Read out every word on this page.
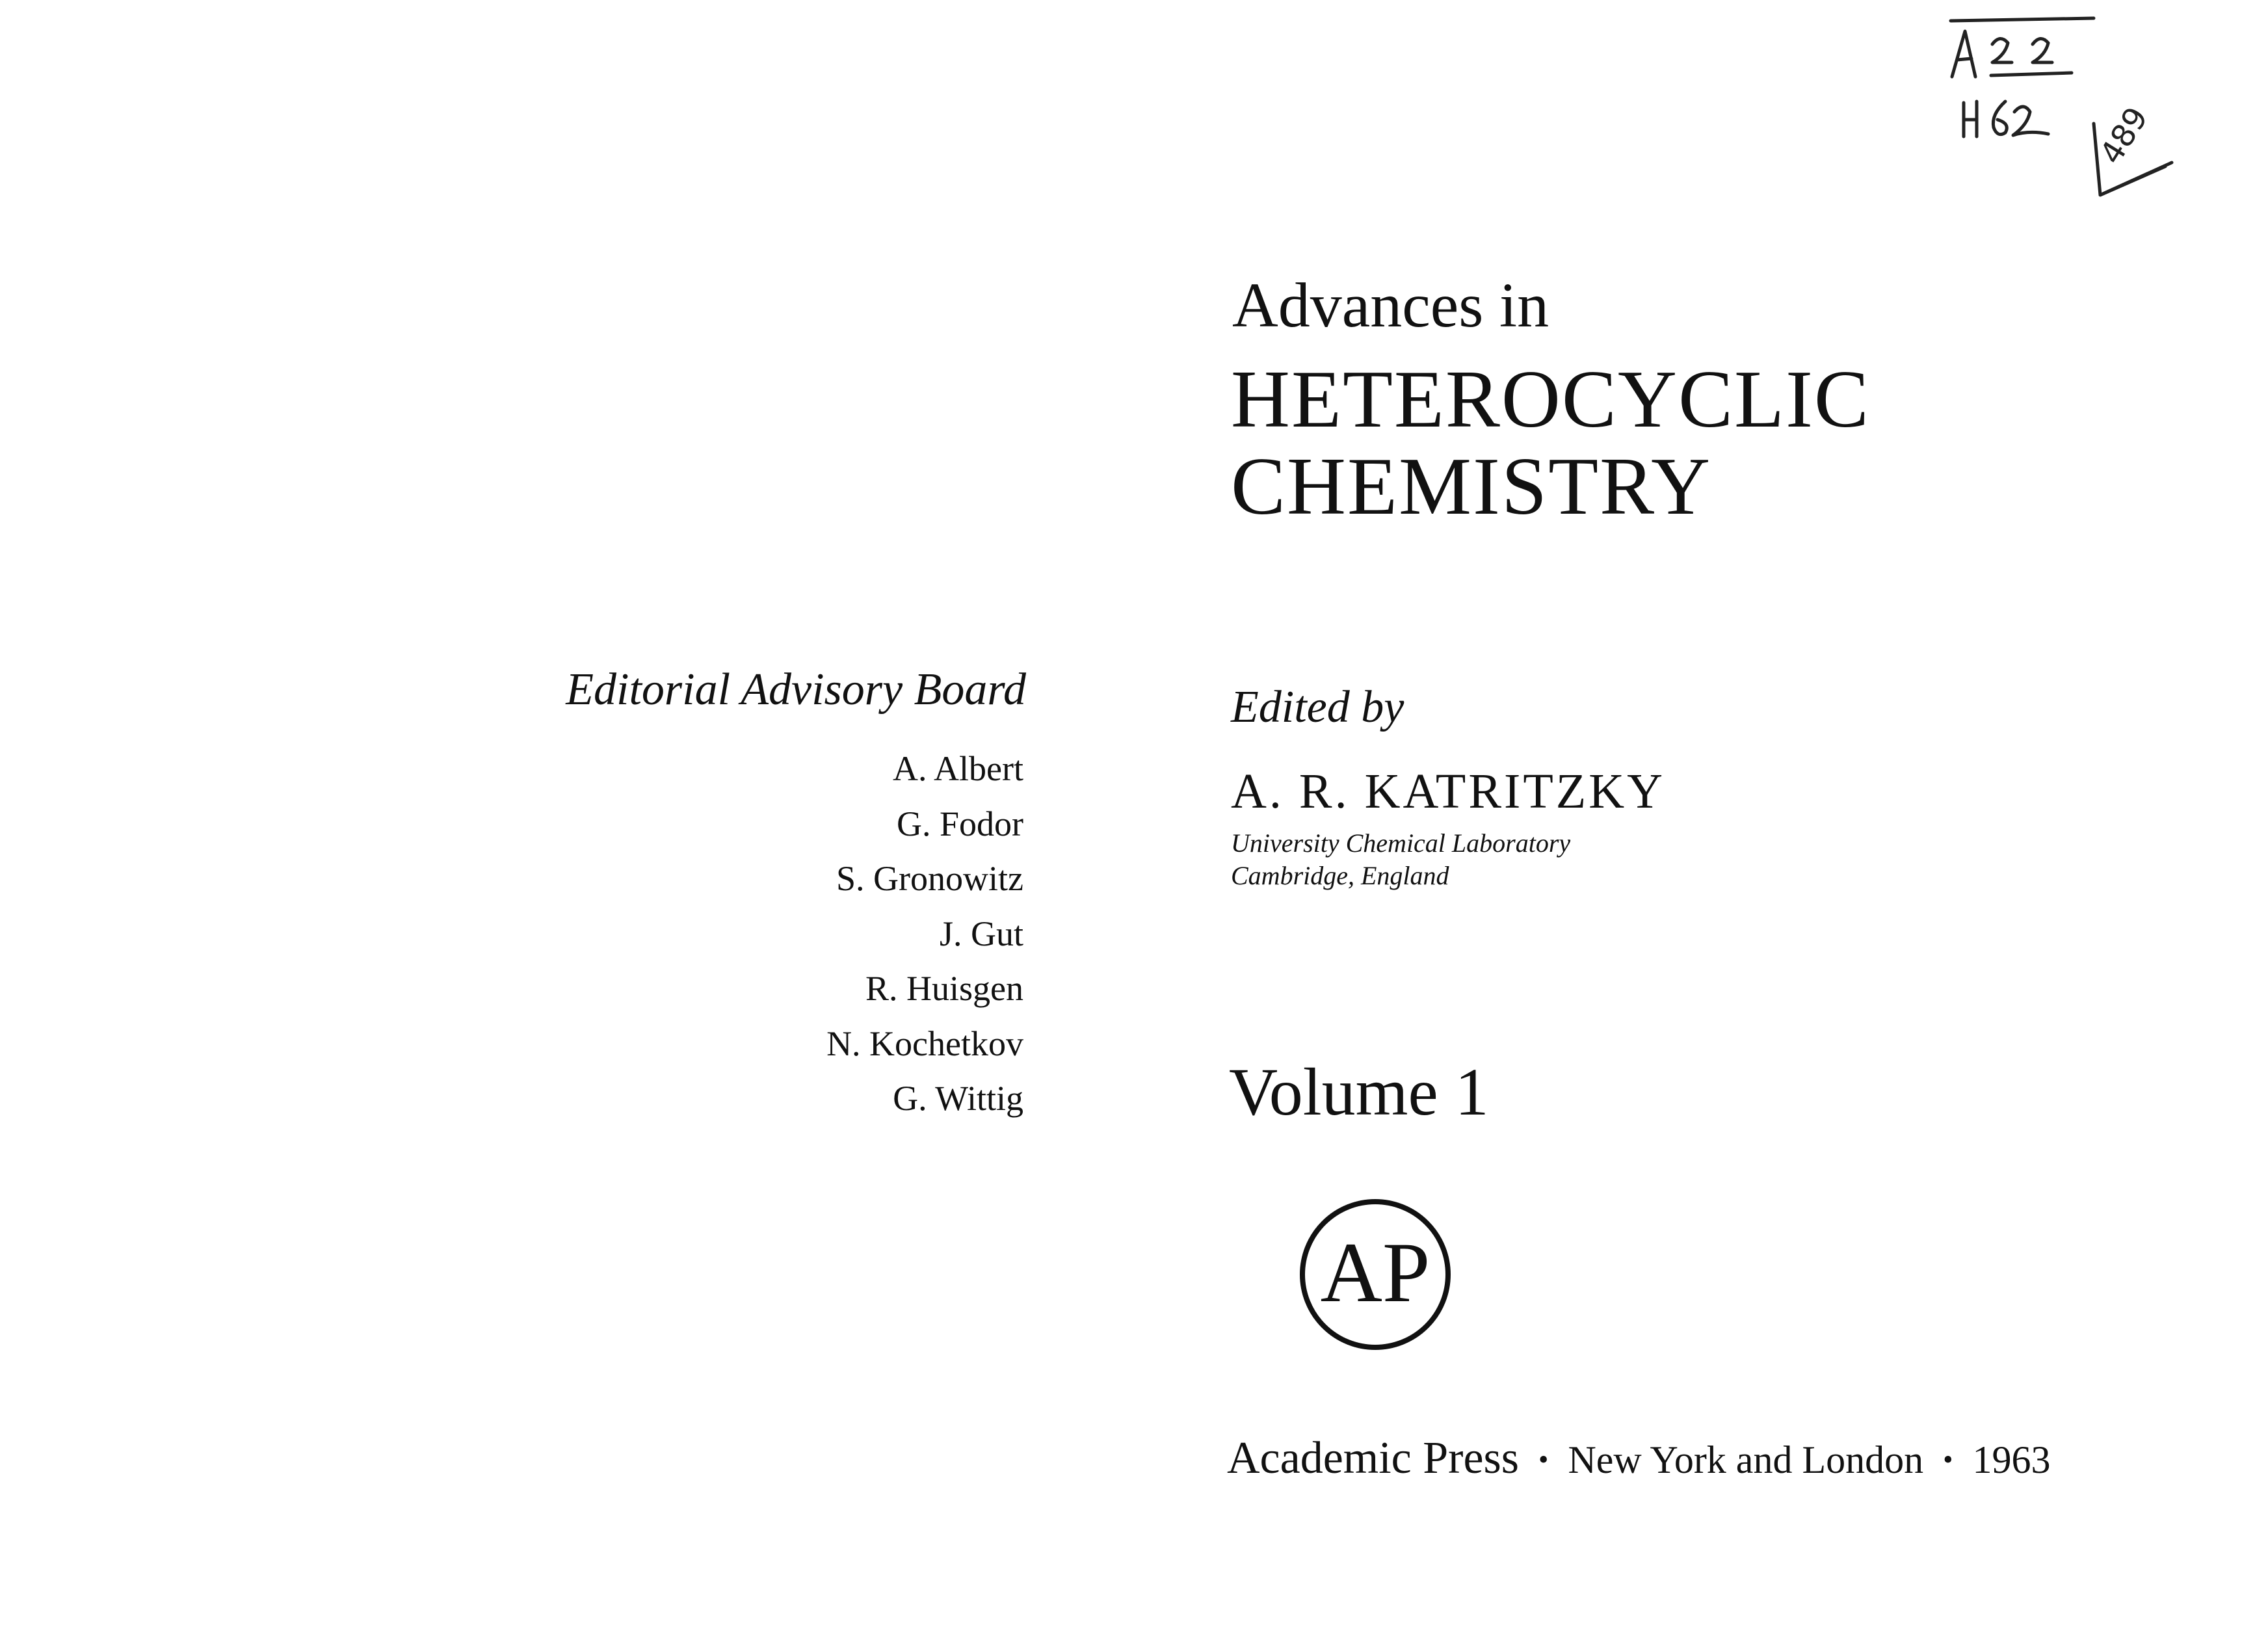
489
Advances in
HETEROCYCLIC
CHEMISTRY
Edited by
A. R. KATRITZKY
University Chemical Laboratory
Cambridge, England
Volume 1
AP
Academic Press • New York and London • 1963
Editorial Advisory Board
A. Albert
G. Fodor
S. Gronowitz
J. Gut
R. Huisgen
N. Kochetkov
G. Wittig
